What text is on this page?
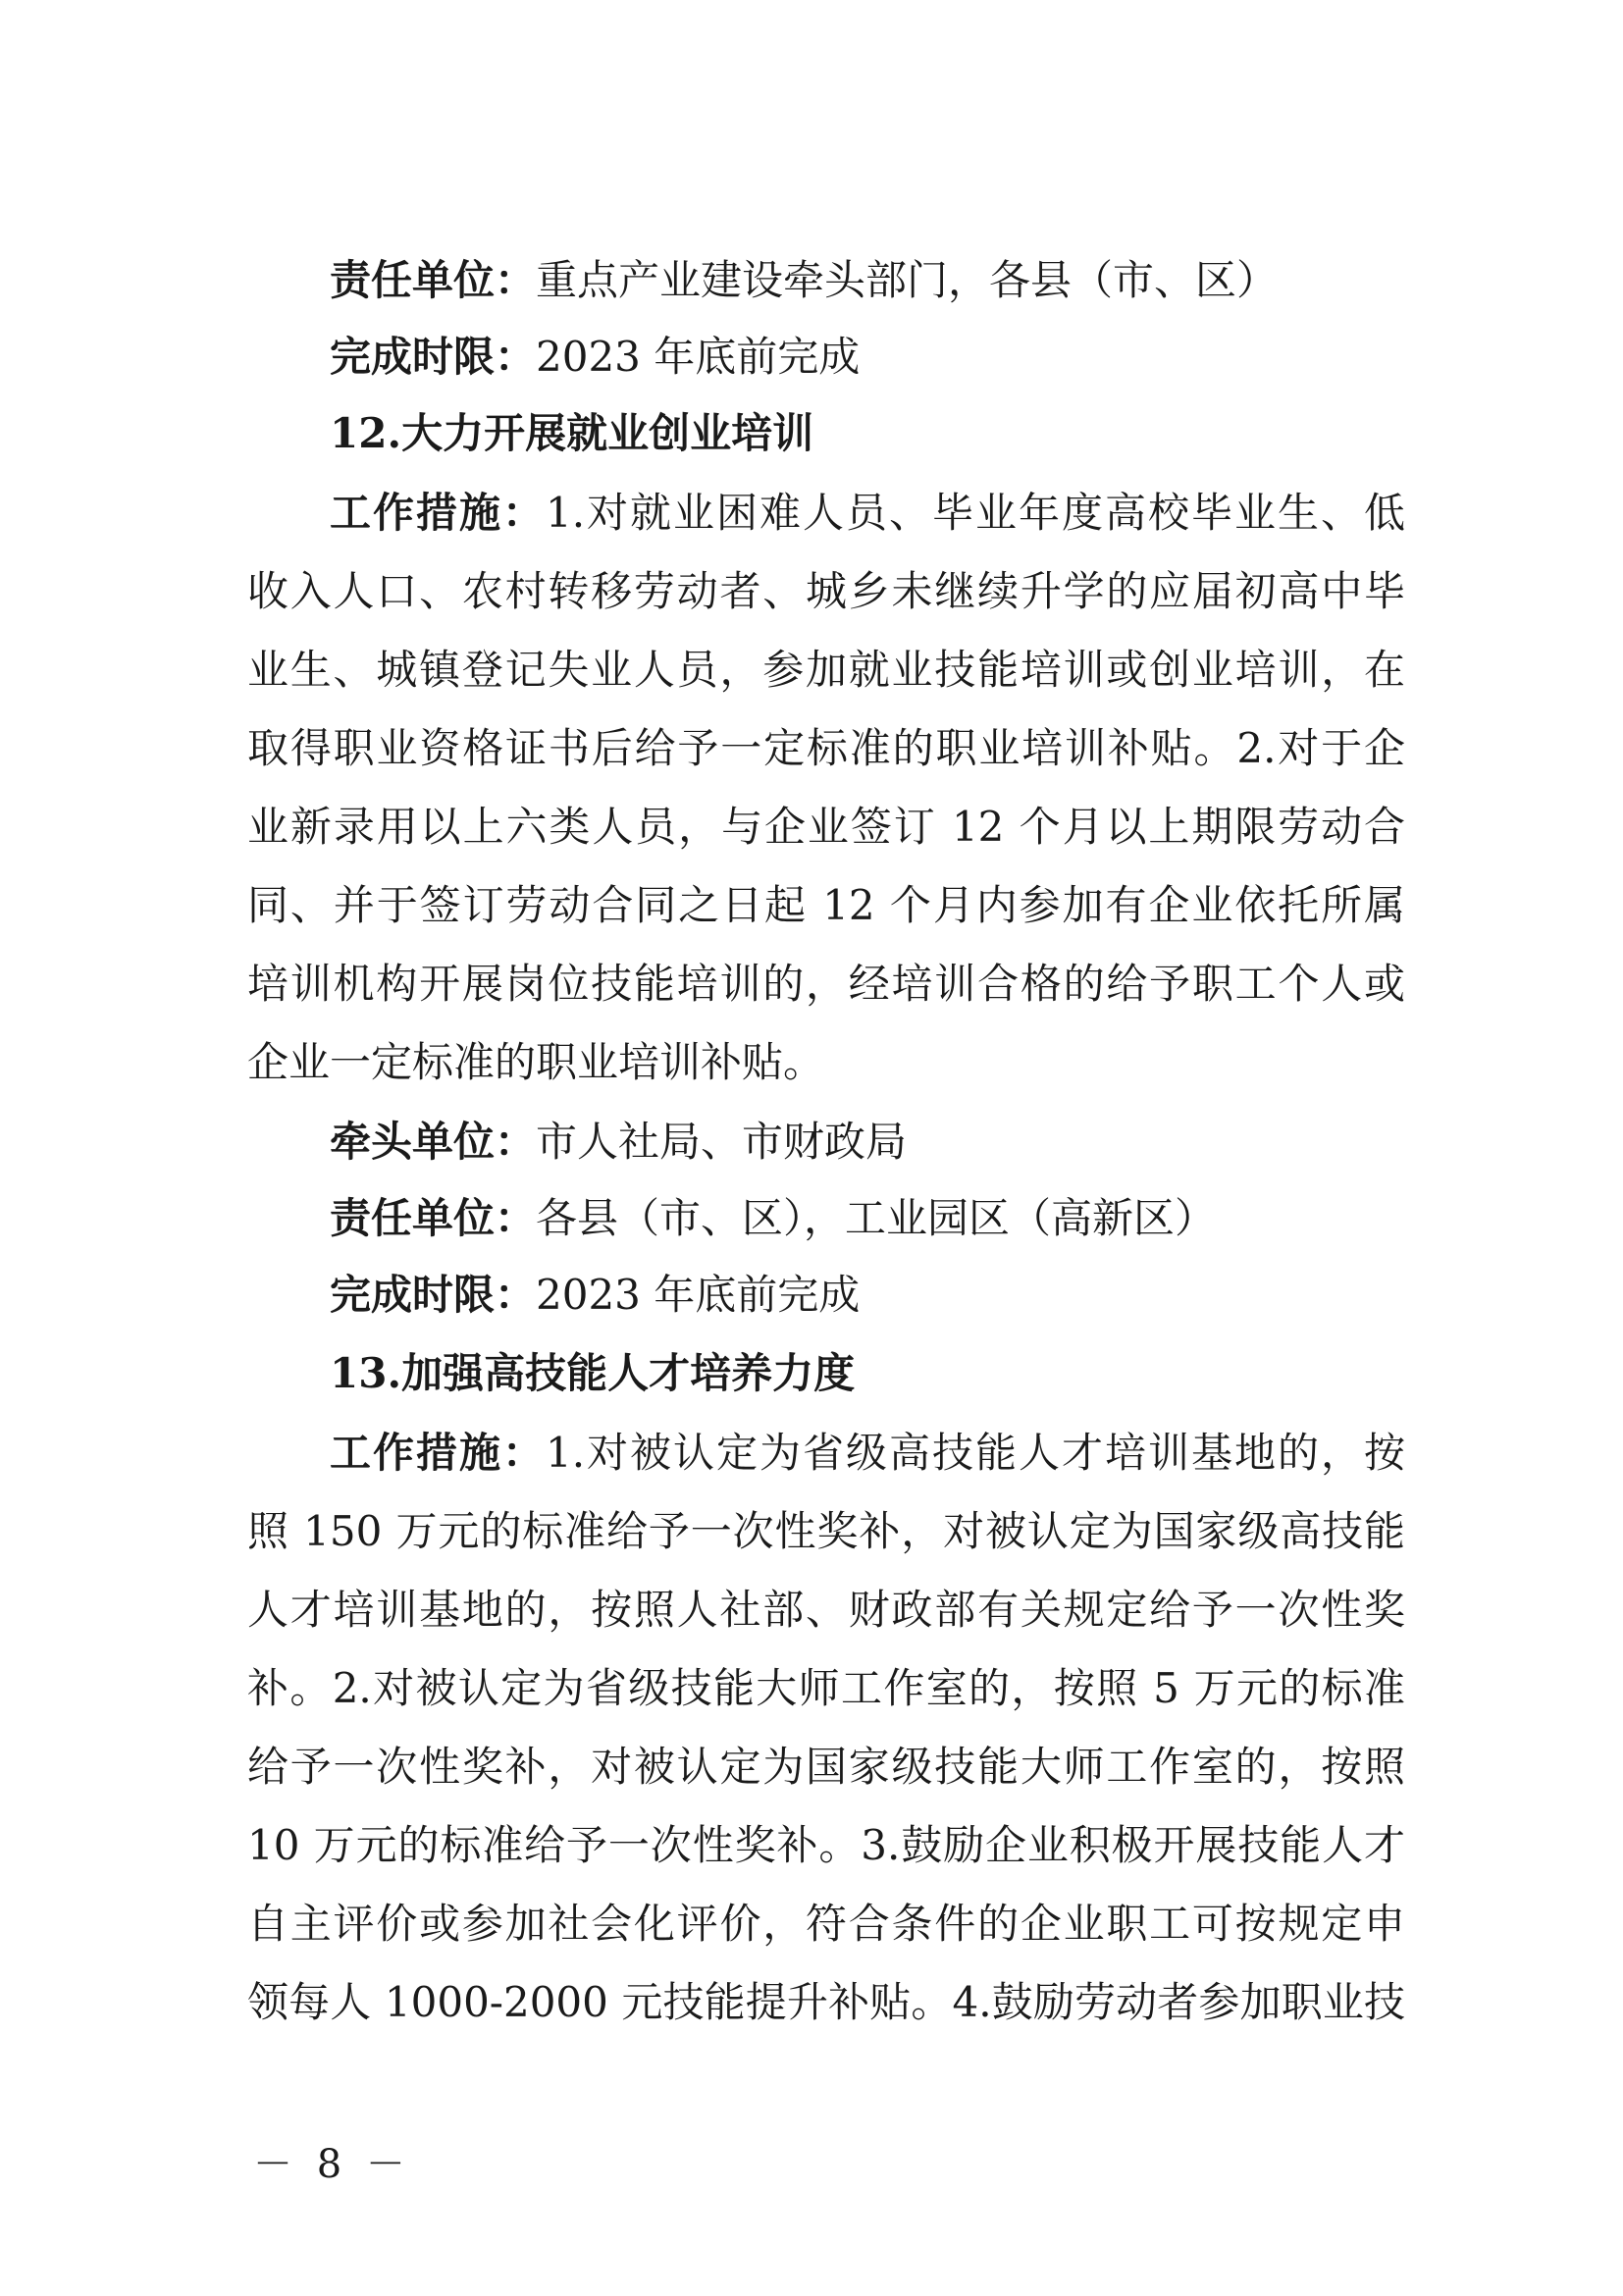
责任单位：重点产业建设牵头部门，各县（市、区）
完成时限：2023 年底前完成
12.大力开展就业创业培训
工作措施：1.对就业困难人员、毕业年度高校毕业生、低
收入人口、农村转移劳动者、城乡未继续升学的应届初高中毕
业生、城镇登记失业人员，参加就业技能培训或创业培训，在
取得职业资格证书后给予一定标准的职业培训补贴。2.对于企
业新录用以上六类人员，与企业签订 12 个月以上期限劳动合
同、并于签订劳动合同之日起 12 个月内参加有企业依托所属
培训机构开展岗位技能培训的，经培训合格的给予职工个人或
企业一定标准的职业培训补贴。
牵头单位：市人社局、市财政局
责任单位：各县（市、区），工业园区（高新区）
完成时限：2023 年底前完成
13.加强高技能人才培养力度
工作措施：1.对被认定为省级高技能人才培训基地的，按
照 150 万元的标准给予一次性奖补，对被认定为国家级高技能
人才培训基地的，按照人社部、财政部有关规定给予一次性奖
补。2.对被认定为省级技能大师工作室的，按照 5 万元的标准
给予一次性奖补，对被认定为国家级技能大师工作室的，按照
10 万元的标准给予一次性奖补。3.鼓励企业积极开展技能人才
自主评价或参加社会化评价，符合条件的企业职工可按规定申
领每人 1000-2000 元技能提升补贴。4.鼓励劳动者参加职业技
－ 8 －
